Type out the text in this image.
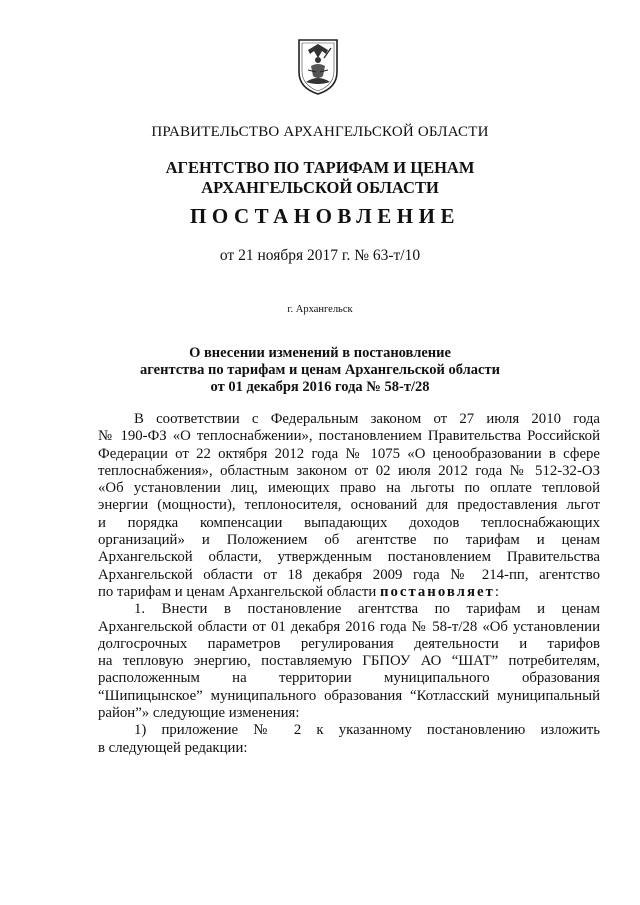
ПРАВИТЕЛЬСТВО АРХАНГЕЛЬСКОЙ ОБЛАСТИ
АГЕНТСТВО ПО ТАРИФАМ И ЦЕНАМ
АРХАНГЕЛЬСКОЙ ОБЛАСТИ
ПОСТАНОВЛЕНИЕ
от 21 ноября 2017 г. № 63-т/10
г. Архангельск
О внесении изменений в постановление
агентства по тарифам и ценам Архангельской области
от 01 декабря 2016 года № 58-т/28

В соответствии с Федеральным законом от 27 июля 2010 года

№ 190-ФЗ «О теплоснабжении», постановлением Правительства Российской

Федерации от 22 октября 2012 года № 1075 «О ценообразовании в сфере

теплоснабжения», областным законом от 02 июля 2012 года № 512-32-ОЗ

«Об установлении лиц, имеющих право на льготы по оплате тепловой

энергии (мощности), теплоносителя, оснований для предоставления льгот

и порядка компенсации выпадающих доходов теплоснабжающих

организаций» и Положением об агентстве по тарифам и ценам

Архангельской области, утвержденным постановлением Правительства

Архангельской области от 18 декабря 2009 года № 214-пп, агентство

по тарифам и ценам Архангельской области постановляет:

1. Внести в постановление агентства по тарифам и ценам

Архангельской области от 01 декабря 2016 года № 58-т/28 «Об установлении

долгосрочных параметров регулирования деятельности и тарифов

на тепловую энергию, поставляемую ГБПОУ АО “ШАТ” потребителям,

расположенным на территории муниципального образования

“Шипицынское” муниципального образования “Котласский муниципальный

район”» следующие изменения:

1) приложение № 2 к указанному постановлению изложить

в следующей редакции:
